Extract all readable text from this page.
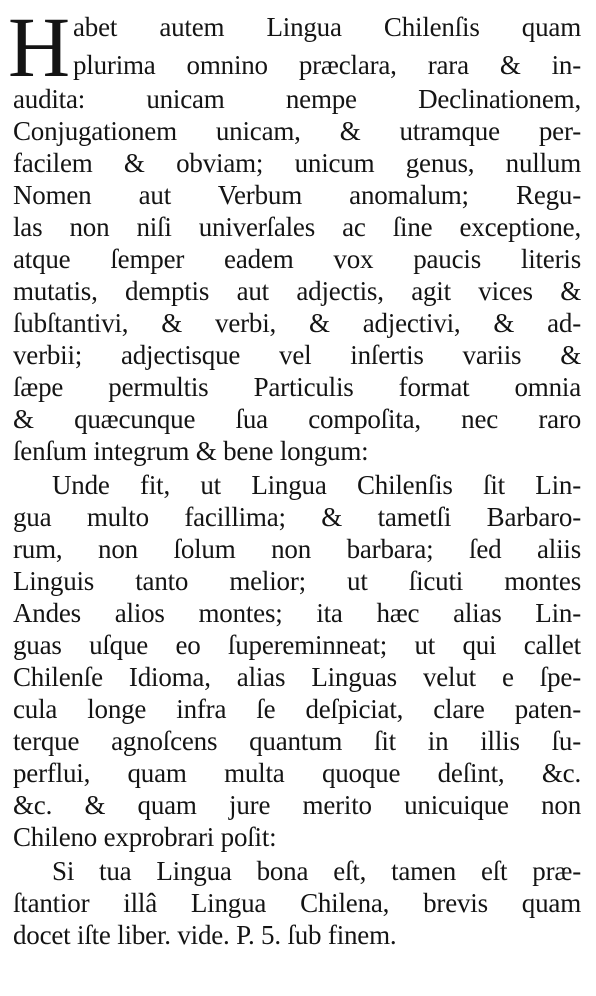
H abet autem Lingua Chilenſis quam
plurima omnino præclara, rara & in-
audita: unicam nempe Declinationem,
Conjugationem unicam, & utramque per-
facilem & obviam; unicum genus, nullum
Nomen aut Verbum anomalum; Regu-
las non niſi univerſales ac ſine exceptione,
atque ſemper eadem vox paucis literis
mutatis, demptis aut adjectis, agit vices &
ſubſtantivi, & verbi, & adjectivi, & ad-
verbii; adjectisque vel inſertis variis &
ſæpe permultis Particulis format omnia
& quæcunque ſua compoſita, nec raro
ſenſum integrum & bene longum:
Unde fit, ut Lingua Chilenſis ſit Lin-
gua multo facillima; & tametſi Barbaro-
rum, non ſolum non barbara; ſed aliis
Linguis tanto melior; ut ſicuti montes
Andes alios montes; ita hæc alias Lin-
guas uſque eo ſupereminneat; ut qui callet
Chilenſe Idioma, alias Linguas velut e ſpe-
cula longe infra ſe deſpiciat, clare paten-
terque agnoſcens quantum ſit in illis ſu-
perflui, quam multa quoque deſint, &c.
&c. & quam jure merito unicuique non
Chileno exprobrari poſit:
Si tua Lingua bona eſt, tamen eſt præ-
ſtantior illâ Lingua Chilena, brevis quam
docet iſte liber. vide. P. 5. ſub finem.
